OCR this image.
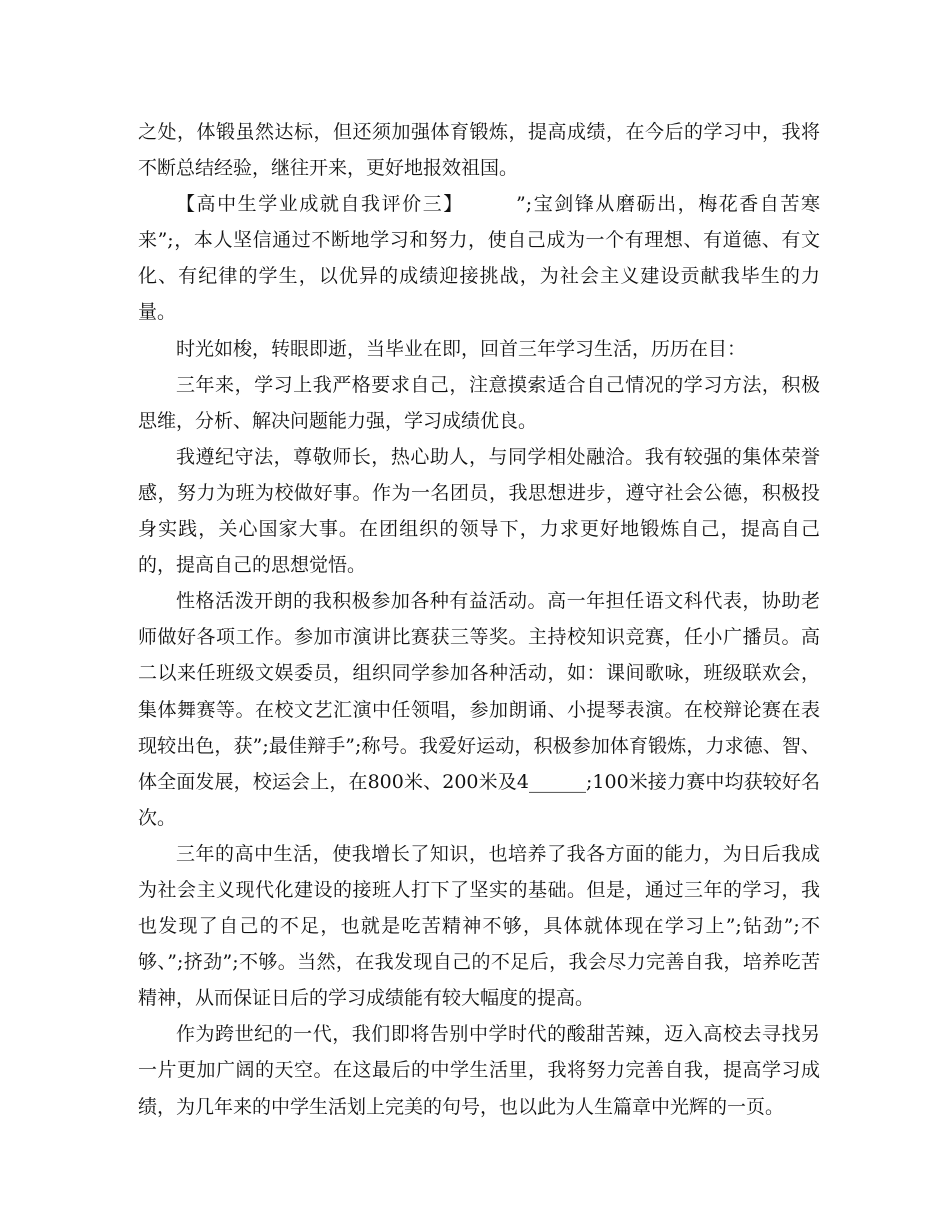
之处，体锻虽然达标，但还须加强体育锻炼，提高成绩，在今后的学习中，我将不断总结经验，继往开来，更好地报效祖国。

【高中生学业成就自我评价三】　　　”;宝剑锋从磨砺出，梅花香自苦寒来”;，本人坚信通过不断地学习和努力，使自己成为一个有理想、有道德、有文化、有纪律的学生，以优异的成绩迎接挑战，为社会主义建设贡献我毕生的力量。

时光如梭，转眼即逝，当毕业在即，回首三年学习生活，历历在目：

三年来，学习上我严格要求自己，注意摸索适合自己情况的学习方法，积极思维，分析、解决问题能力强，学习成绩优良。

我遵纪守法，尊敬师长，热心助人，与同学相处融洽。我有较强的集体荣誉感，努力为班为校做好事。作为一名团员，我思想进步，遵守社会公德，积极投身实践，关心国家大事。在团组织的领导下，力求更好地锻炼自己，提高自己的，提高自己的思想觉悟。

性格活泼开朗的我积极参加各种有益活动。高一年担任语文科代表，协助老师做好各项工作。参加市演讲比赛获三等奖。主持校知识竞赛，任小广播员。高二以来任班级文娱委员，组织同学参加各种活动，如：课间歌咏，班级联欢会，集体舞赛等。在校文艺汇演中任领唱，参加朗诵、小提琴表演。在校辩论赛在表现较出色，获”;最佳辩手”;称号。我爱好运动，积极参加体育锻炼，力求德、智、体全面发展，校运会上，在800米、200米及4______;100米接力赛中均获较好名次。

三年的高中生活，使我增长了知识，也培养了我各方面的能力，为日后我成为社会主义现代化建设的接班人打下了坚实的基础。但是，通过三年的学习，我也发现了自己的不足，也就是吃苦精神不够，具体就体现在学习上”;钻劲”;不够、”;挤劲”;不够。当然，在我发现自己的不足后，我会尽力完善自我，培养吃苦精神，从而保证日后的学习成绩能有较大幅度的提高。

作为跨世纪的一代，我们即将告别中学时代的酸甜苦辣，迈入高校去寻找另一片更加广阔的天空。在这最后的中学生活里，我将努力完善自我，提高学习成绩，为几年来的中学生活划上完美的句号，也以此为人生篇章中光辉的一页。
